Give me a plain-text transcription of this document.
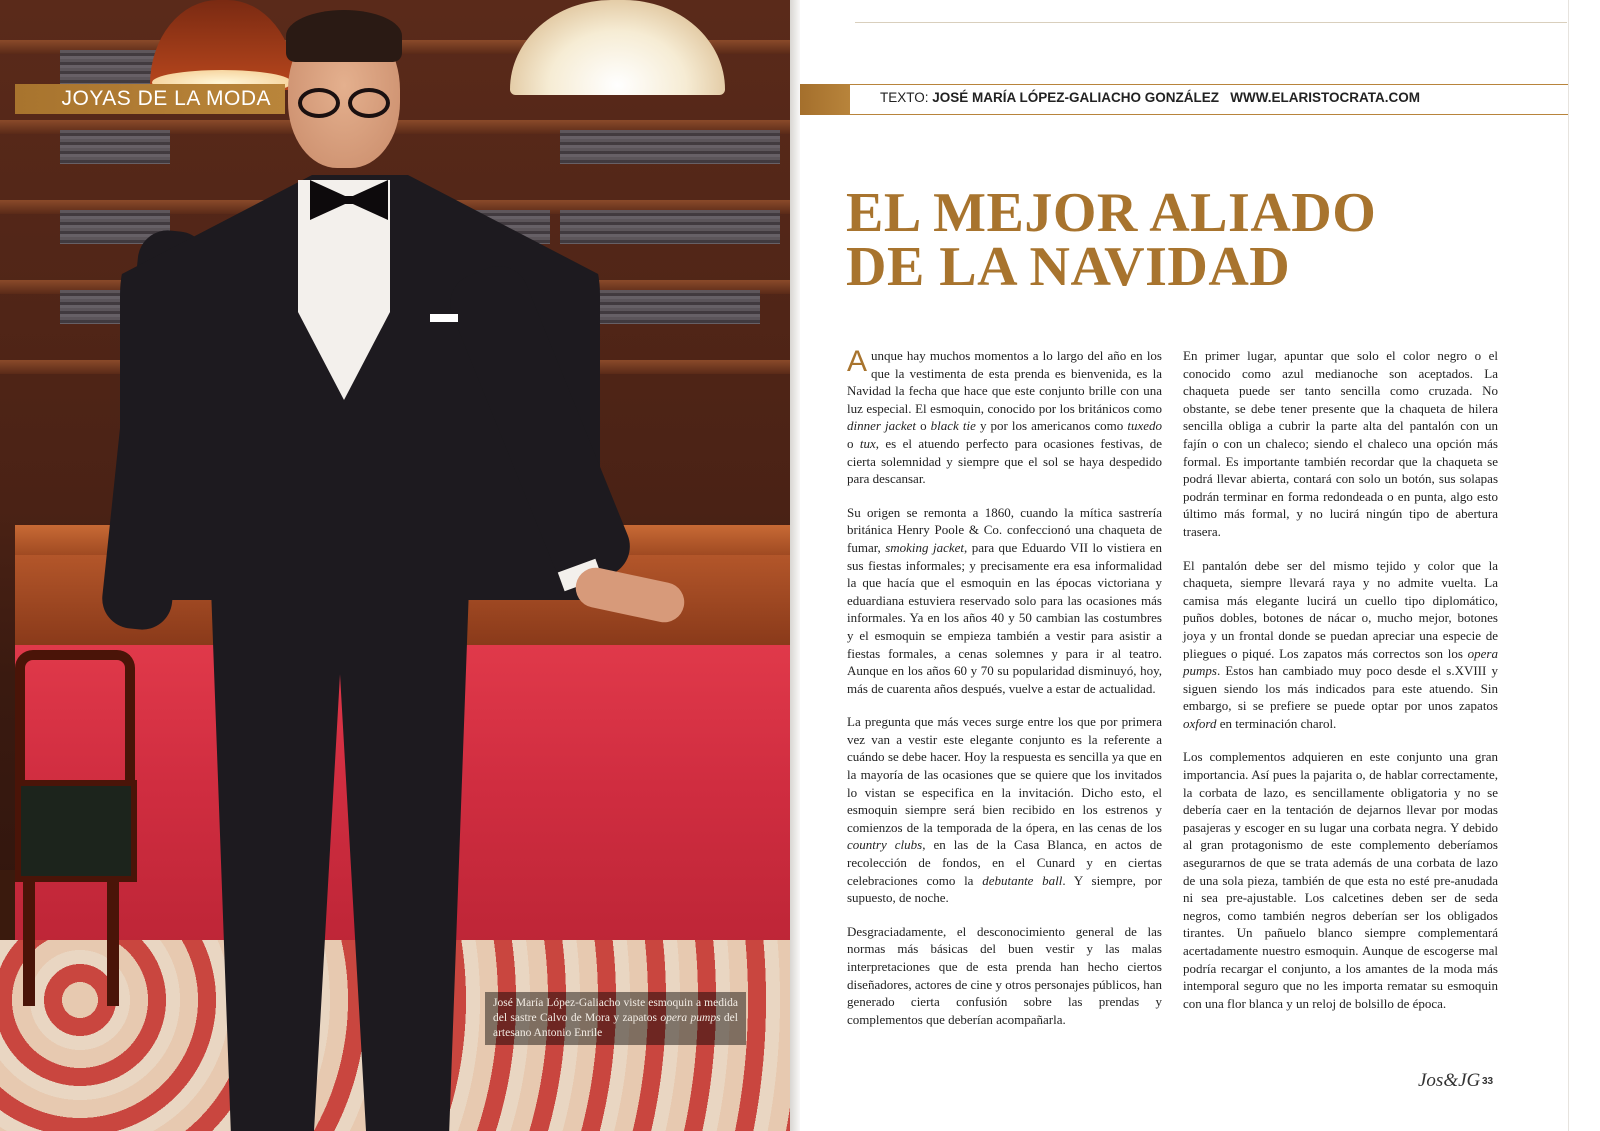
JOYAS DE LA MODA
José María López-Galiacho viste esmoquin a medida del sastre Calvo de Mora y zapatos opera pumps del artesano Antonio Enrile
TEXTO: JOSÉ MARÍA LÓPEZ-GALIACHO GONZÁLEZ WWW.ELARISTOCRATA.COM
EL MEJOR ALIADO
DE LA NAVIDAD

Aunque hay muchos momentos a lo largo del año en los que la vestimenta de esta prenda es bienvenida, es la Navidad la fecha que hace que este conjunto brille con una luz especial. El esmoquin, conocido por los británicos como dinner jacket o black tie y por los americanos como tuxedo o tux, es el atuendo perfecto para ocasiones festivas, de cierta solemnidad y siempre que el sol se haya despedido para descansar.

Su origen se remonta a 1860, cuando la mítica sastrería británica Henry Poole & Co. confeccionó una chaqueta de fumar, smoking jacket, para que Eduardo VII lo vistiera en sus fiestas informales; y precisamente era esa informalidad la que hacía que el esmoquin en las épocas victoriana y eduardiana estuviera reservado solo para las ocasiones más informales. Ya en los años 40 y 50 cambian las costumbres y el esmoquin se empieza también a vestir para asistir a fiestas formales, a cenas solemnes y para ir al teatro. Aunque en los años 60 y 70 su popularidad disminuyó, hoy, más de cuarenta años después, vuelve a estar de actualidad.

La pregunta que más veces surge entre los que por primera vez van a vestir este elegante conjunto es la referente a cuándo se debe hacer. Hoy la respuesta es sencilla ya que en la mayoría de las ocasiones que se quiere que los invitados lo vistan se especifica en la invitación. Dicho esto, el esmoquin siempre será bien recibido en los estrenos y comienzos de la temporada de la ópera, en las cenas de los country clubs, en las de la Casa Blanca, en actos de recolección de fondos, en el Cunard y en ciertas celebraciones como la debutante ball. Y siempre, por supuesto, de noche.

Desgraciadamente, el desconocimiento general de las normas más básicas del buen vestir y las malas interpretaciones que de esta prenda han hecho ciertos diseñadores, actores de cine y otros personajes públicos, han generado cierta confusión sobre las prendas y complementos que deberían acompañarla.

En primer lugar, apuntar que solo el color negro o el conocido como azul medianoche son aceptados. La chaqueta puede ser tanto sencilla como cruzada. No obstante, se debe tener presente que la chaqueta de hilera sencilla obliga a cubrir la parte alta del pantalón con un fajín o con un chaleco; siendo el chaleco una opción más formal. Es importante también recordar que la chaqueta se podrá llevar abierta, contará con solo un botón, sus solapas podrán terminar en forma redondeada o en punta, algo esto último más formal, y no lucirá ningún tipo de abertura trasera.

El pantalón debe ser del mismo tejido y color que la chaqueta, siempre llevará raya y no admite vuelta. La camisa más elegante lucirá un cuello tipo diplomático, puños dobles, botones de nácar o, mucho mejor, botones joya y un frontal donde se puedan apreciar una especie de pliegues o piqué. Los zapatos más correctos son los opera pumps. Estos han cambiado muy poco desde el s.XVIII y siguen siendo los más indicados para este atuendo. Sin embargo, si se prefiere se puede optar por unos zapatos oxford en terminación charol.

Los complementos adquieren en este conjunto una gran importancia. Así pues la pajarita o, de hablar correctamente, la corbata de lazo, es sencillamente obligatoria y no se debería caer en la tentación de dejarnos llevar por modas pasajeras y escoger en su lugar una corbata negra. Y debido al gran protagonismo de este complemento deberíamos asegurarnos de que se trata además de una corbata de lazo de una sola pieza, también de que esta no esté pre-anudada ni sea pre-ajustable. Los calcetines deben ser de seda negros, como también negros deberían ser los obligados tirantes. Un pañuelo blanco siempre complementará acertadamente nuestro esmoquin. Aunque de escogerse mal podría recargar el conjunto, a los amantes de la moda más intemporal seguro que no les importa rematar su esmoquin con una flor blanca y un reloj de bolsillo de época.

Jos&JG 33
